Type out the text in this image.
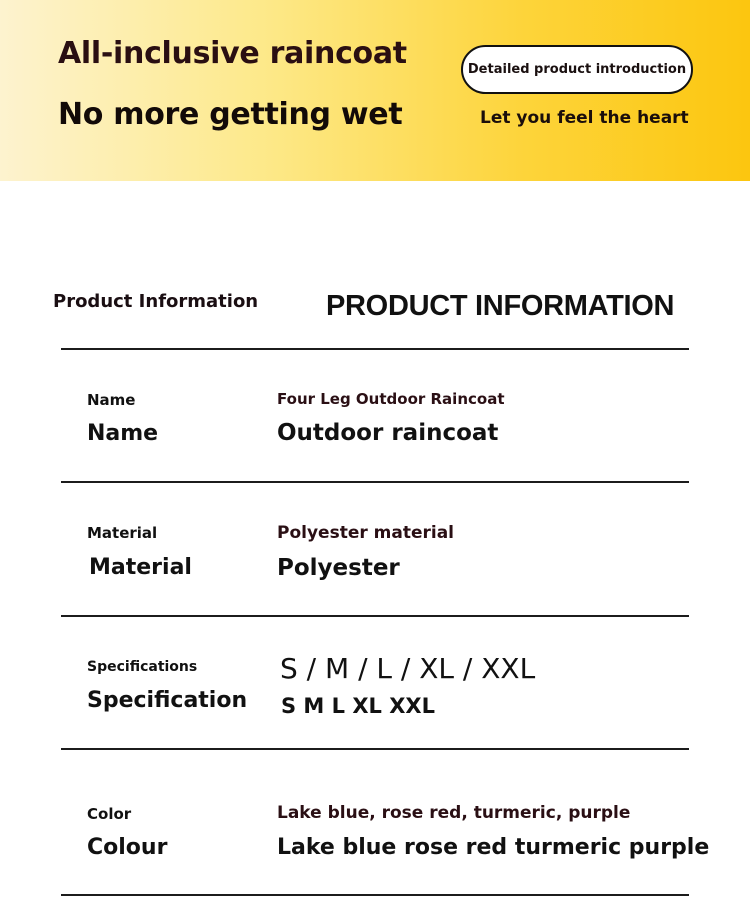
All-inclusive raincoat
No more getting wet
Detailed product introduction
Let you feel the heart
Product Information PRODUCT INFORMATION
Name
Name
Four Leg Outdoor Raincoat
Outdoor raincoat
Material
Material
Polyester material
Polyester
Specifications
Specification
S / M / L / XL / XXL
S M L XL XXL
Color
Colour
Lake blue, rose red, turmeric, purple
Lake blue rose red turmeric purple
